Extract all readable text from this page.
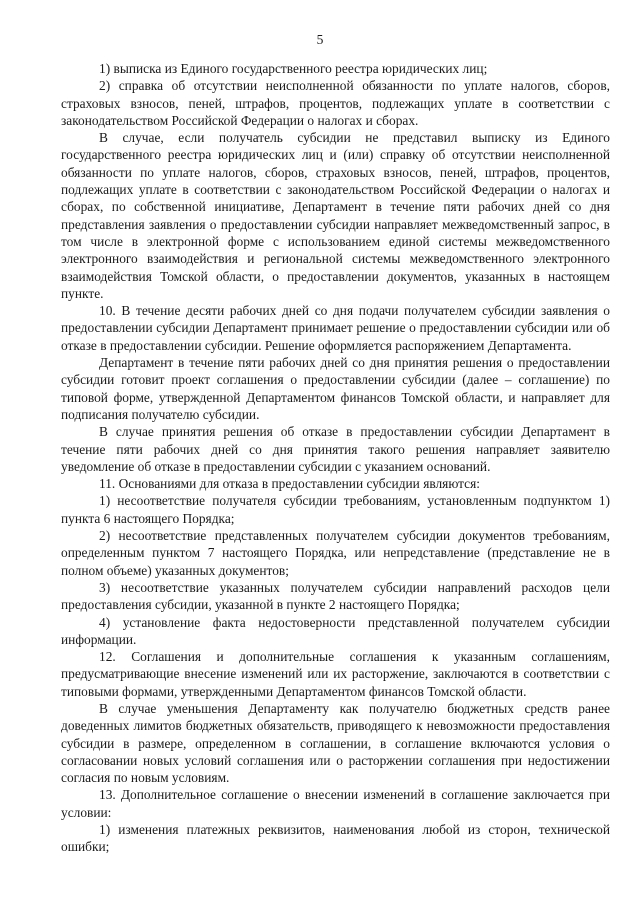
5

1) выписка из Единого государственного реестра юридических лиц;

2) справка об отсутствии неисполненной обязанности по уплате налогов, сборов, страховых взносов, пеней, штрафов, процентов, подлежащих уплате в соответствии с законодательством Российской Федерации о налогах и сборах.

В случае, если получатель субсидии не представил выписку из Единого государственного реестра юридических лиц и (или) справку об отсутствии неисполненной обязанности по уплате налогов, сборов, страховых взносов, пеней, штрафов, процентов, подлежащих уплате в соответствии с законодательством Российской Федерации о налогах и сборах, по собственной инициативе, Департамент в течение пяти рабочих дней со дня представления заявления о предоставлении субсидии направляет межведомственный запрос, в том числе в электронной форме с использованием единой системы межведомственного электронного взаимодействия и региональной системы межведомственного электронного взаимодействия Томской области, о предоставлении документов, указанных в настоящем пункте.

10. В течение десяти рабочих дней со дня подачи получателем субсидии заявления о предоставлении субсидии Департамент принимает решение о предоставлении субсидии или об отказе в предоставлении субсидии. Решение оформляется распоряжением Департамента.

Департамент в течение пяти рабочих дней со дня принятия решения о предоставлении субсидии готовит проект соглашения о предоставлении субсидии (далее – соглашение) по типовой форме, утвержденной Департаментом финансов Томской области, и направляет для подписания получателю субсидии.

В случае принятия решения об отказе в предоставлении субсидии Департамент в течение пяти рабочих дней со дня принятия такого решения направляет заявителю уведомление об отказе в предоставлении субсидии с указанием оснований.

11. Основаниями для отказа в предоставлении субсидии являются:

1) несоответствие получателя субсидии требованиям, установленным подпунктом 1) пункта 6 настоящего Порядка;

2) несоответствие представленных получателем субсидии документов требованиям, определенным пунктом 7 настоящего Порядка, или непредставление (представление не в полном объеме) указанных документов;

3) несоответствие указанных получателем субсидии направлений расходов цели предоставления субсидии, указанной в пункте 2 настоящего Порядка;

4) установление факта недостоверности представленной получателем субсидии информации.

12. Соглашения и дополнительные соглашения к указанным соглашениям, предусматривающие внесение изменений или их расторжение, заключаются в соответствии с типовыми формами, утвержденными Департаментом финансов Томской области.

В случае уменьшения Департаменту как получателю бюджетных средств ранее доведенных лимитов бюджетных обязательств, приводящего к невозможности предоставления субсидии в размере, определенном в соглашении, в соглашение включаются условия о согласовании новых условий соглашения или о расторжении соглашения при недостижении согласия по новым условиям.

13. Дополнительное соглашение о внесении изменений в соглашение заключается при условии:

1) изменения платежных реквизитов, наименования любой из сторон, технической ошибки;
